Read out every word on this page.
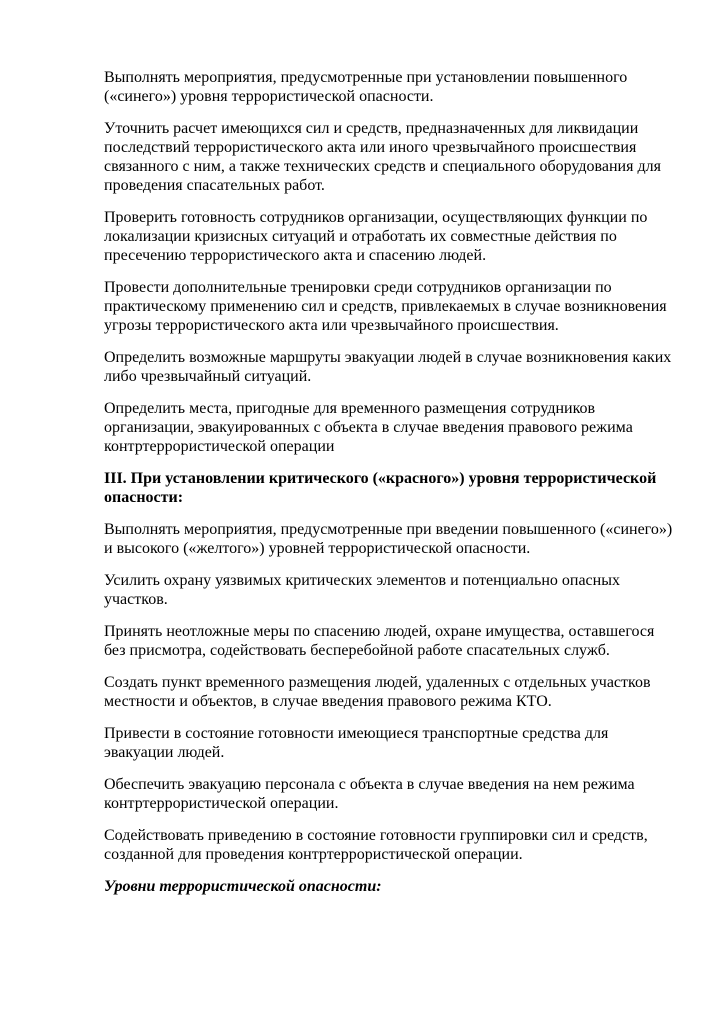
Выполнять мероприятия, предусмотренные при установлении повышенного («синего») уровня террористической опасности.

Уточнить расчет имеющихся сил и средств, предназначенных для ликвидации последствий террористического акта или иного чрезвычайного происшествия связанного с ним, а также технических средств и специального оборудования для проведения спасательных работ.

Проверить готовность сотрудников организации, осуществляющих функции по локализации кризисных ситуаций и отработать их совместные действия по пресечению террористического акта и спасению людей.

Провести дополнительные тренировки среди сотрудников организации по практическому применению сил и средств, привлекаемых в случае возникновения угрозы террористического акта или чрезвычайного происшествия.

Определить возможные маршруты эвакуации людей в случае возникновения каких либо чрезвычайный ситуаций.

Определить места, пригодные для временного размещения сотрудников организации, эвакуированных с объекта в случае введения правового режима контртеррористической операции

III. При установлении критического («красного») уровня террористической опасности:

Выполнять мероприятия, предусмотренные при введении повышенного («синего») и высокого («желтого») уровней террористической опасности.

Усилить охрану уязвимых критических элементов и потенциально опасных участков.

Принять неотложные меры по спасению людей, охране имущества, оставшегося без присмотра, содействовать бесперебойной работе спасательных служб.

Создать пункт временного размещения людей, удаленных с отдельных участков местности и объектов, в случае введения правового режима КТО.

Привести в состояние готовности имеющиеся транспортные средства для эвакуации людей.

Обеспечить эвакуацию персонала с объекта в случае введения на нем режима контртеррористической операции.

Содействовать приведению в состояние готовности группировки сил и средств, созданной для проведения контртеррористической операции.

Уровни террористической опасности:
